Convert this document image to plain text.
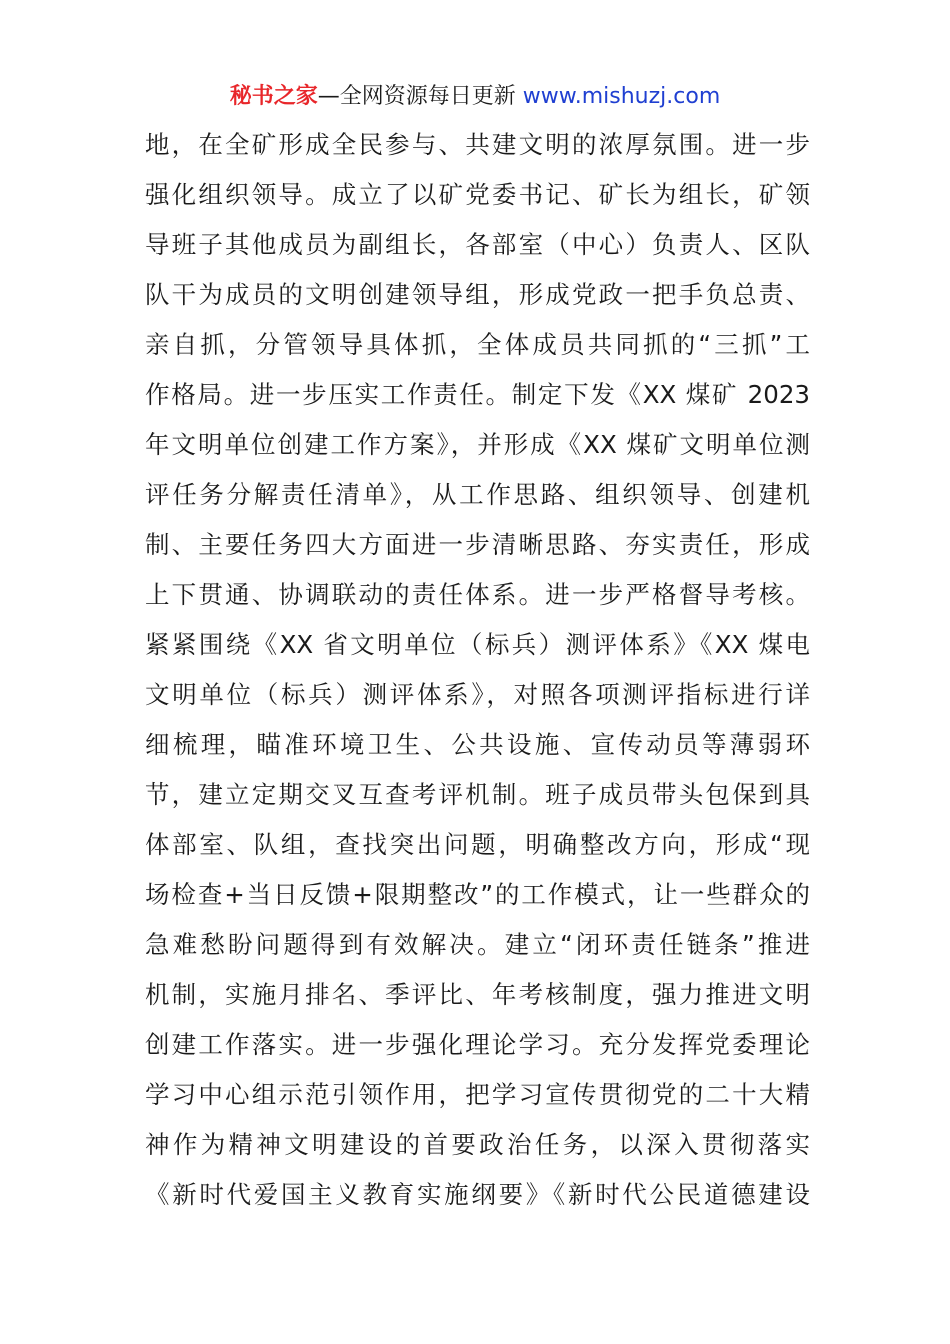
秘书之家—全网资源每日更新 www.mishuzj.com
地，在全矿形成全民参与、共建文明的浓厚氛围。进一步
强化组织领导。成立了以矿党委书记、矿长为组长，矿领
导班子其他成员为副组长，各部室（中心）负责人、区队
队干为成员的文明创建领导组，形成党政一把手负总责、
亲自抓，分管领导具体抓，全体成员共同抓的“三抓”工
作格局。进一步压实工作责任。制定下发《XX 煤矿 2023
年文明单位创建工作方案》，并形成《XX 煤矿文明单位测
评任务分解责任清单》，从工作思路、组织领导、创建机
制、主要任务四大方面进一步清晰思路、夯实责任，形成
上下贯通、协调联动的责任体系。进一步严格督导考核。
紧紧围绕《XX 省文明单位（标兵）测评体系》《XX 煤电
文明单位（标兵）测评体系》，对照各项测评指标进行详
细梳理，瞄准环境卫生、公共设施、宣传动员等薄弱环
节，建立定期交叉互查考评机制。班子成员带头包保到具
体部室、队组，查找突出问题，明确整改方向，形成“现
场检查+当日反馈+限期整改”的工作模式，让一些群众的
急难愁盼问题得到有效解决。建立“闭环责任链条”推进
机制，实施月排名、季评比、年考核制度，强力推进文明
创建工作落实。进一步强化理论学习。充分发挥党委理论
学习中心组示范引领作用，把学习宣传贯彻党的二十大精
神作为精神文明建设的首要政治任务，以深入贯彻落实
《新时代爱国主义教育实施纲要》《新时代公民道德建设
